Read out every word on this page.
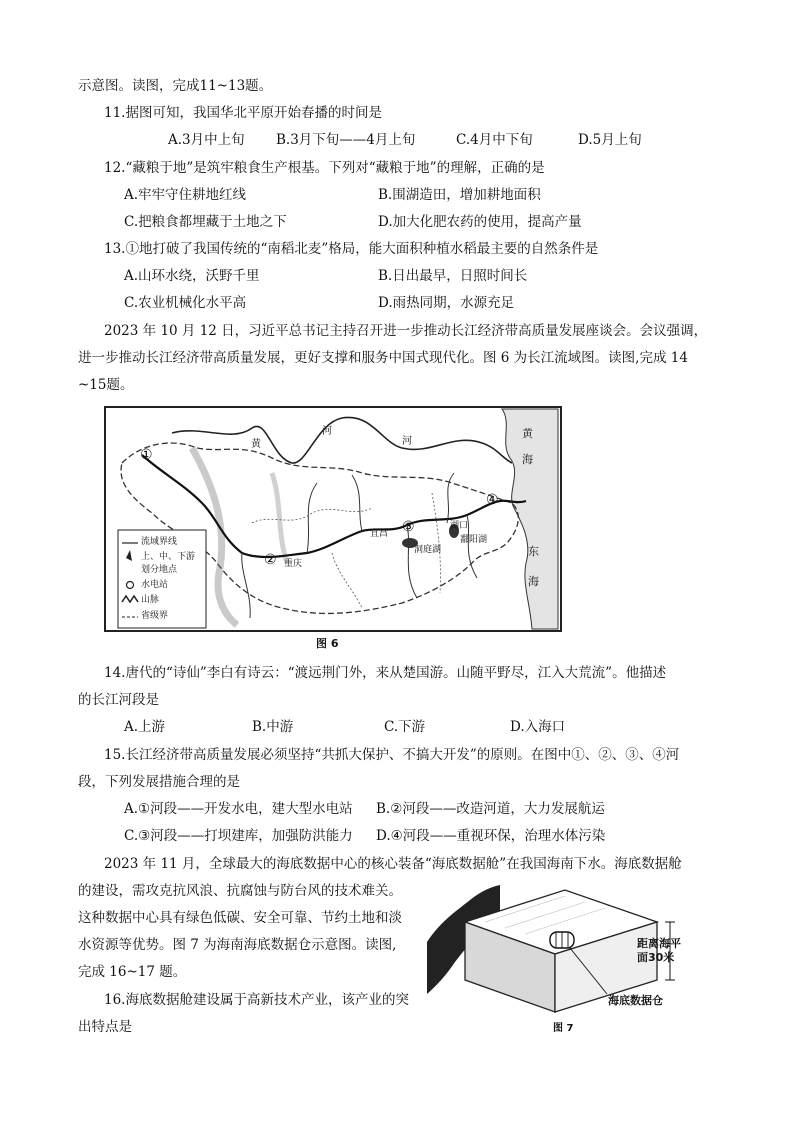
示意图。读图，完成11~13题。
11.据图可知，我国华北平原开始春播的时间是
A.3月中上旬 B.3月下旬——4月上旬	C.4月中下旬	D.5月上旬
12.“藏粮于地”是筑牢粮食生产根基。下列对“藏粮于地”的理解，正确的是
A.牢牢守住耕地红线	B.围湖造田，增加耕地面积
C.把粮食都埋藏于土地之下	D.加大化肥农药的使用，提高产量
13.①地打破了我国传统的“南稻北麦”格局，能大面积种植水稻最主要的自然条件是
A.山环水绕，沃野千里	B.日出最早，日照时间长
C.农业机械化水平高	D.雨热同期，水源充足
2023 年 10 月 12 日，习近平总书记主持召开进一步推动长江经济带高质量发展座谈会。会议强调，
进一步推动长江经济带高质量发展，更好支撑和服务中国式现代化。图 6 为长江流域图。读图,完成 14
~15题。
流域界线
上、中、下游
划分地点
水电站
山脉
省级界
黄
河
河
黄
海
东
海
①
②
③
④
宜昌
湖口
洞庭湖
鄱阳湖
重庆
图 6
14.唐代的“诗仙”李白有诗云：“渡远荆门外，来从楚国游。山随平野尽，江入大荒流”。他描述
的长江河段是
A.上游	B.中游	C.下游	D.入海口
15.长江经济带高质量发展必须坚持“共抓大保护、不搞大开发”的原则。在图中①、②、③、④河
段，下列发展措施合理的是
A.①河段——开发水电，建大型水电站 B.②河段——改造河道，大力发展航运
C.③河段——打坝建库，加强防洪能力 D.④河段——重视环保，治理水体污染
2023 年 11 月，全球最大的海底数据中心的核心装备“海底数据舱”在我国海南下水。海底数据舱
的建设，需攻克抗风浪、抗腐蚀与防台风的技术难关。
这种数据中心具有绿色低碳、安全可靠、节约土地和淡
水资源等优势。图 7 为海南海底数据仓示意图。读图,
完成 16~17 题。
16.海底数据舱建设属于高新技术产业，该产业的突
出特点是
距离海平
面30米
海底数据仓
图 7
